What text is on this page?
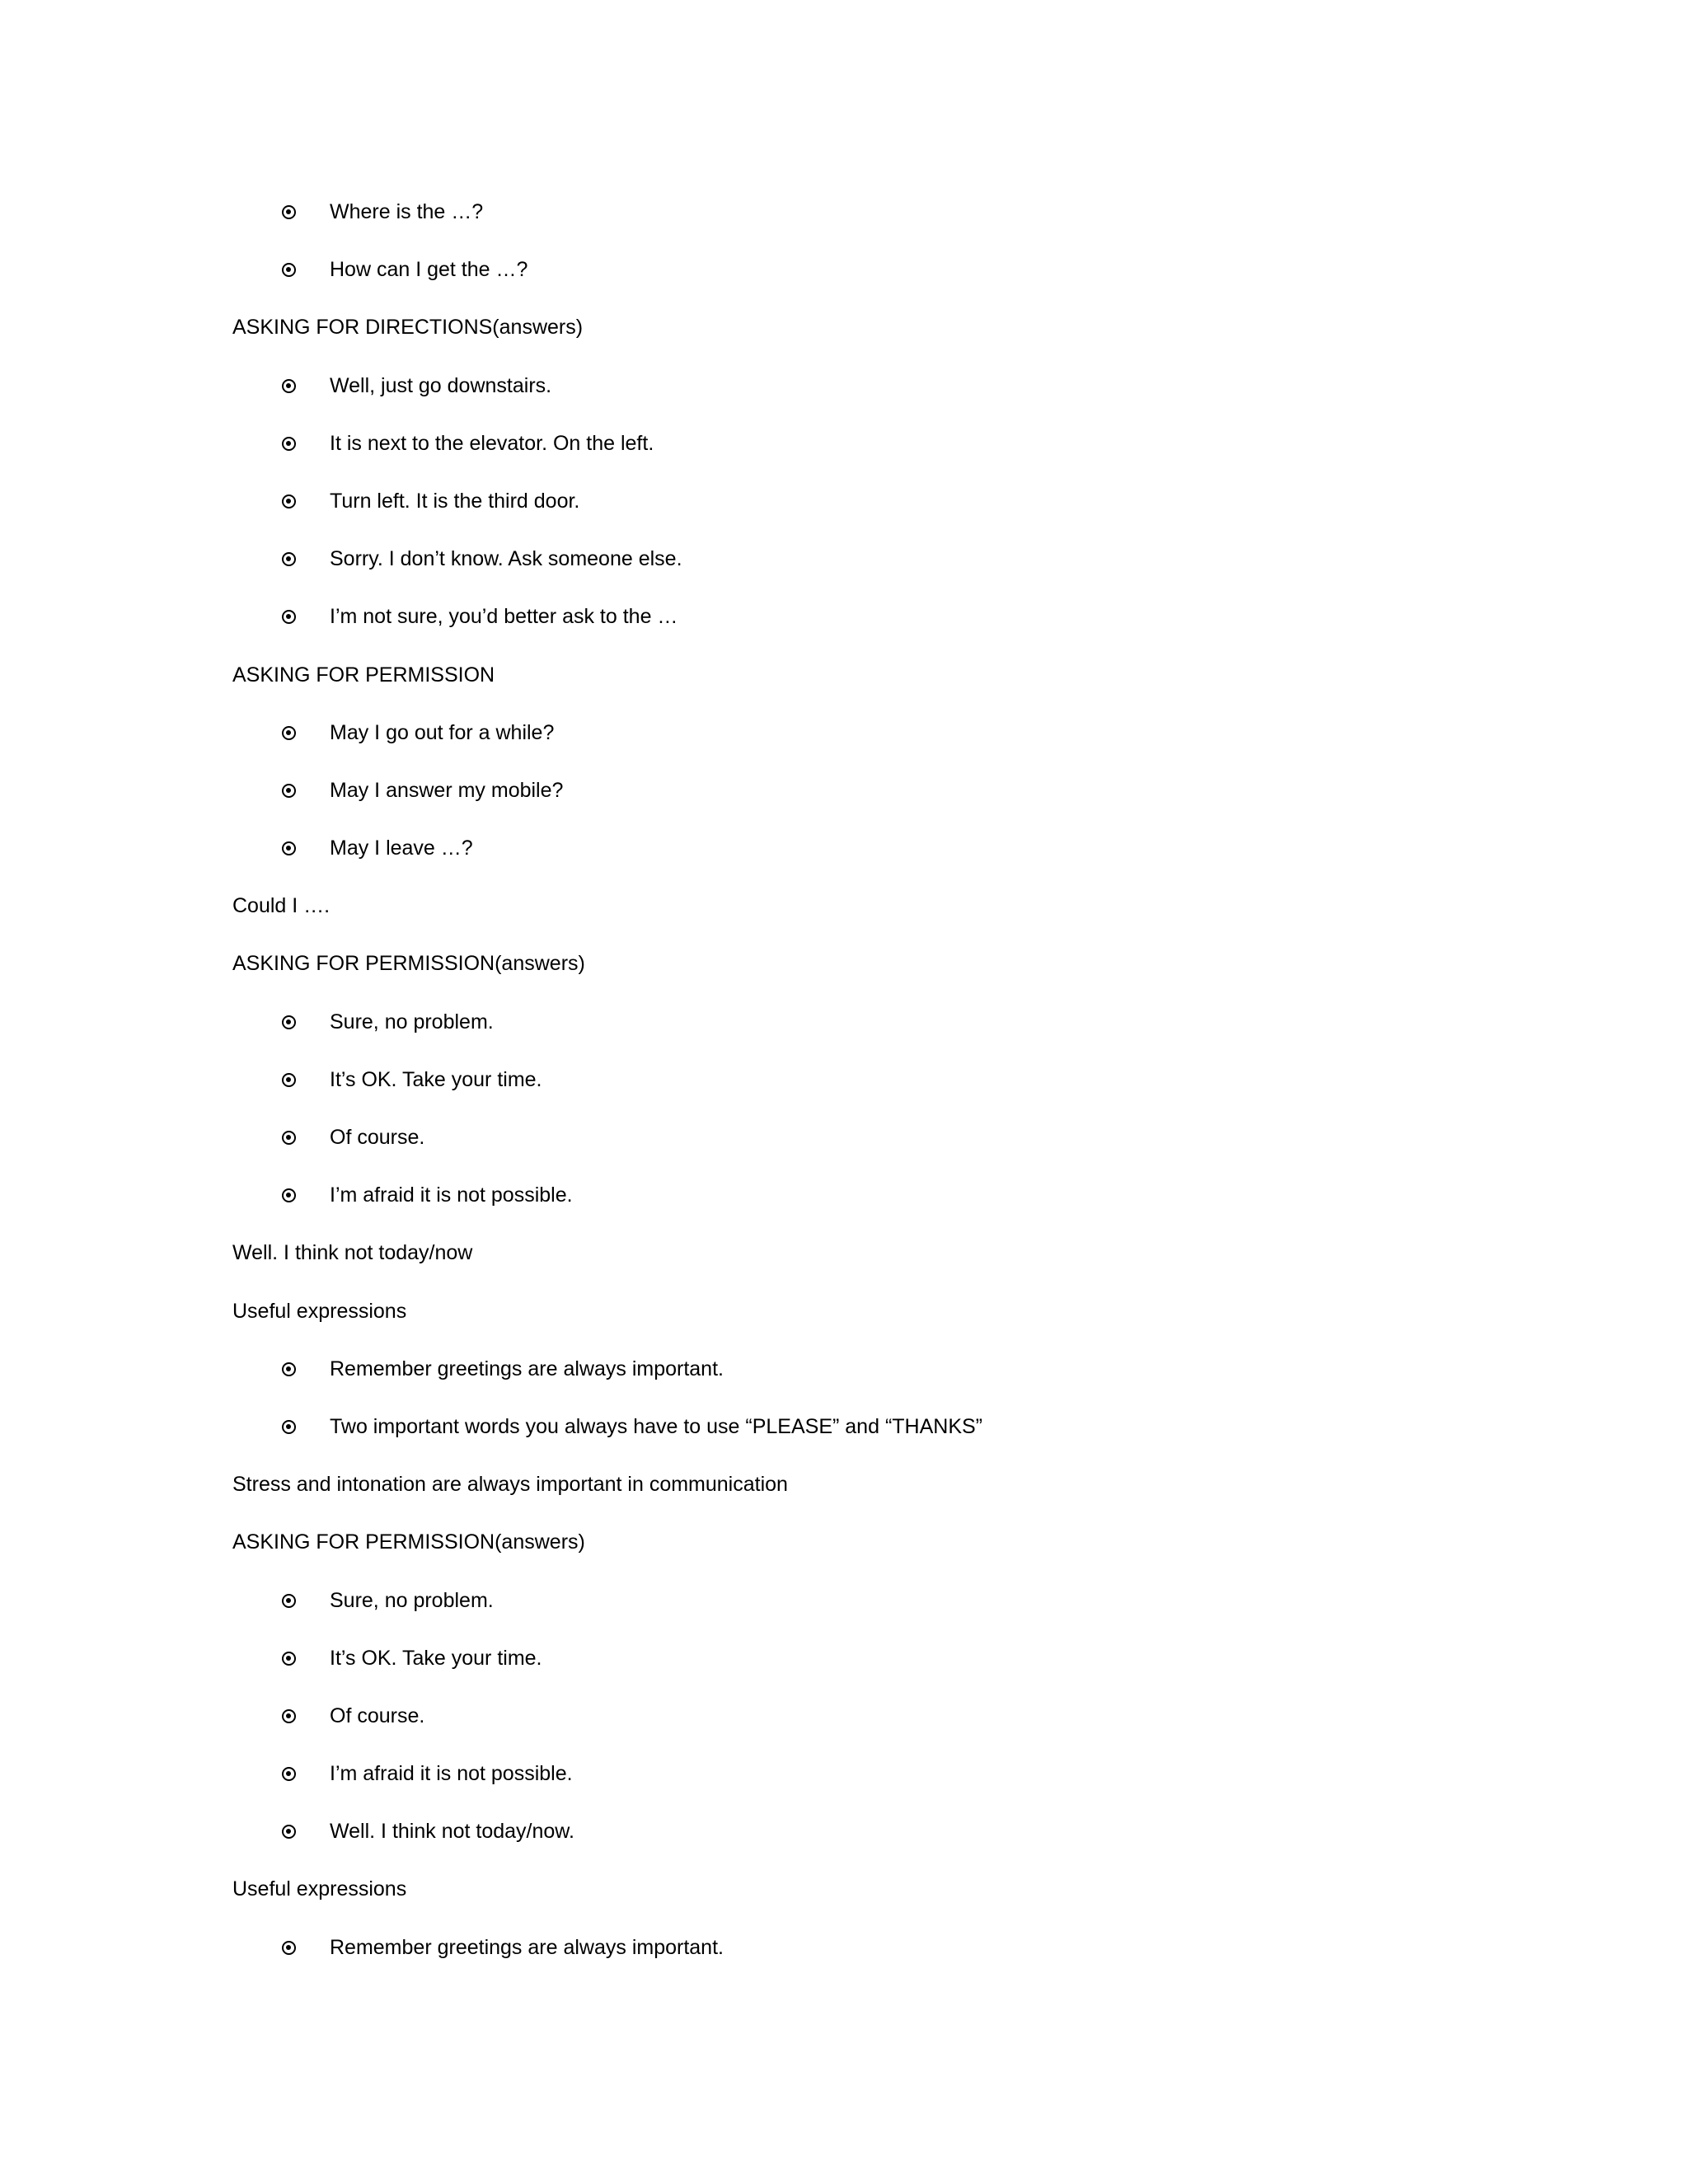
Where is the …?
How can I get the …?
ASKING FOR DIRECTIONS(answers)
Well, just go downstairs.
It is next to the elevator. On the left.
Turn left. It is the third door.
Sorry. I don’t know. Ask someone else.
I’m not sure, you’d better ask to the …
ASKING FOR PERMISSION
May I go out for a while?
May I answer my mobile?
May I leave …?
Could I ….
ASKING FOR PERMISSION(answers)
Sure, no problem.
It’s OK. Take your time.
Of course.
I’m afraid it is not possible.
Well. I think not today/now
Useful expressions
Remember greetings are always important.
Two important words you always have to use “PLEASE” and “THANKS”
Stress and intonation are always important in communication
ASKING FOR PERMISSION(answers)
Sure, no problem.
It’s OK. Take your time.
Of course.
I’m afraid it is not possible.
Well. I think not today/now.
Useful expressions
Remember greetings are always important.
